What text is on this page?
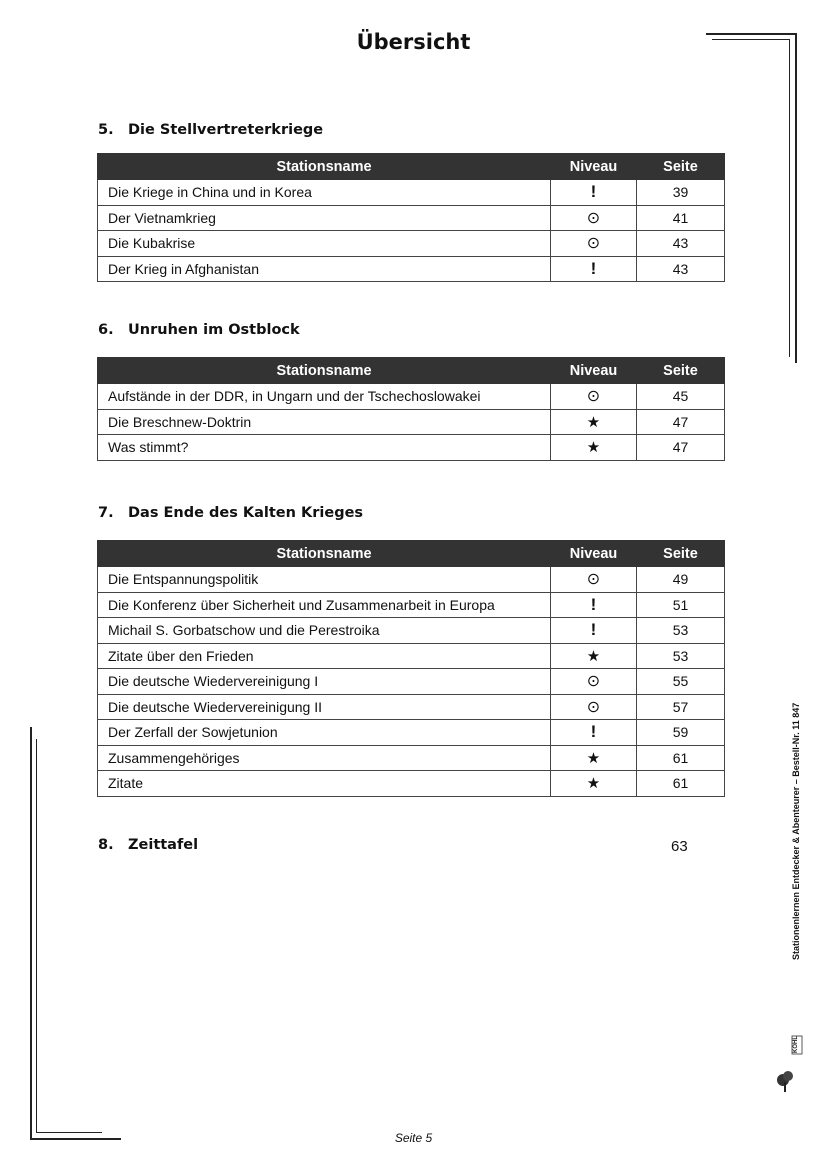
Übersicht
5. Die Stellvertreterkriege
Stationsname	Niveau	Seite
Die Kriege in China und in Korea	!	39
Der Vietnamkrieg	⊙	41
Die Kubakrise	⊙	43
Der Krieg in Afghanistan	!	43
6. Unruhen im Ostblock
Stationsname	Niveau	Seite
Aufstände in der DDR, in Ungarn und der Tschechoslowakei	⊙	45
Die Breschnew-Doktrin	★	47
Was stimmt?	★	47
7. Das Ende des Kalten Krieges
Stationsname	Niveau	Seite
Die Entspannungspolitik	⊙	49
Die Konferenz über Sicherheit und Zusammenarbeit in Europa	!	51
Michail S. Gorbatschow und die Perestroika	!	53
Zitate über den Frieden	★	53
Die deutsche Wiedervereinigung I	⊙	55
Die deutsche Wiedervereinigung II	⊙	57
Der Zerfall der Sowjetunion	!	59
Zusammengehöriges	★	61
Zitate	★	61
8. Zeittafel	63	Stationenlernen Entdecker & Abenteurer – Bestell-Nr. 11 847
KOHL
Seite 5
